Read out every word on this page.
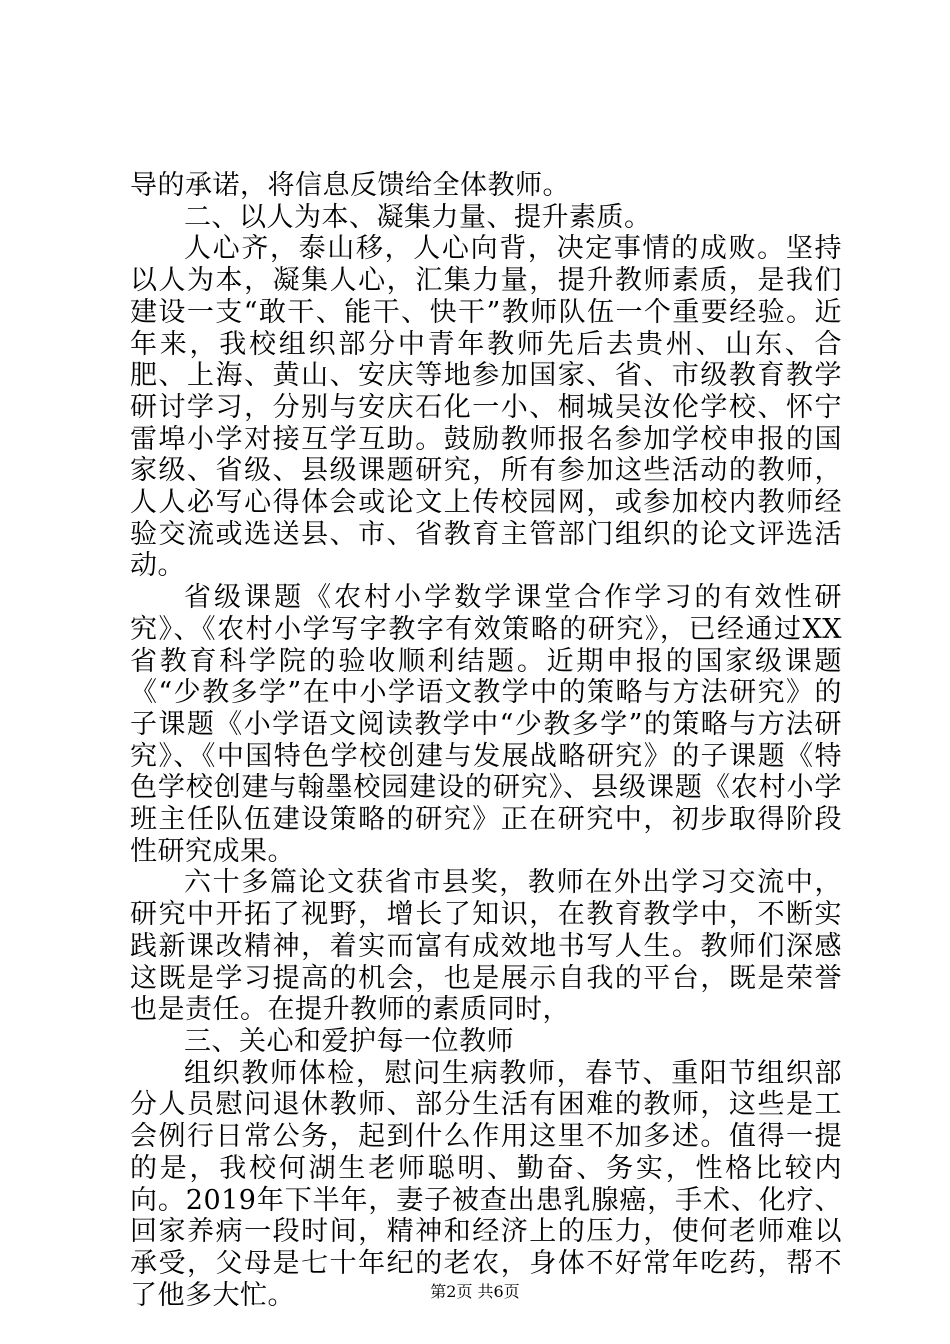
导的承诺，将信息反馈给全体教师。

二、以人为本、凝集力量、提升素质。

人心齐，泰山移，人心向背，决定事情的成败。坚持以人为本，凝集人心，汇集力量，提升教师素质，是我们建设一支“敢干、能干、快干”教师队伍一个重要经验。近年来，我校组织部分中青年教师先后去贵州、山东、合肥、上海、黄山、安庆等地参加国家、省、市级教育教学研讨学习，分别与安庆石化一小、桐城吴汝伦学校、怀宁雷埠小学对接互学互助。鼓励教师报名参加学校申报的国家级、省级、县级课题研究，所有参加这些活动的教师，人人必写心得体会或论文上传校园网，或参加校内教师经验交流或选送县、市、省教育主管部门组织的论文评选活动。

省级课题《农村小学数学课堂合作学习的有效性研究》、《农村小学写字教字有效策略的研究》，已经通过XX省教育科学院的验收顺利结题。近期申报的国家级课题《“少教多学”在中小学语文教学中的策略与方法研究》的子课题《小学语文阅读教学中“少教多学”的策略与方法研究》、《中国特色学校创建与发展战略研究》的子课题《特色学校创建与翰墨校园建设的研究》、县级课题《农村小学班主任队伍建设策略的研究》正在研究中，初步取得阶段性研究成果。

六十多篇论文获省市县奖，教师在外出学习交流中，研究中开拓了视野，增长了知识，在教育教学中，不断实践新课改精神，着实而富有成效地书写人生。教师们深感这既是学习提高的机会，也是展示自我的平台，既是荣誉也是责任。在提升教师的素质同时，

三、关心和爱护每一位教师

组织教师体检，慰问生病教师，春节、重阳节组织部分人员慰问退休教师、部分生活有困难的教师，这些是工会例行日常公务，起到什么作用这里不加多述。值得一提的是，我校何湖生老师聪明、勤奋、务实，性格比较内向。2019年下半年，妻子被查出患乳腺癌，手术、化疗、回家养病一段时间，精神和经济上的压力，使何老师难以承受，父母是七十年纪的老农，身体不好常年吃药，帮不了他多大忙。	第2页 共6页
